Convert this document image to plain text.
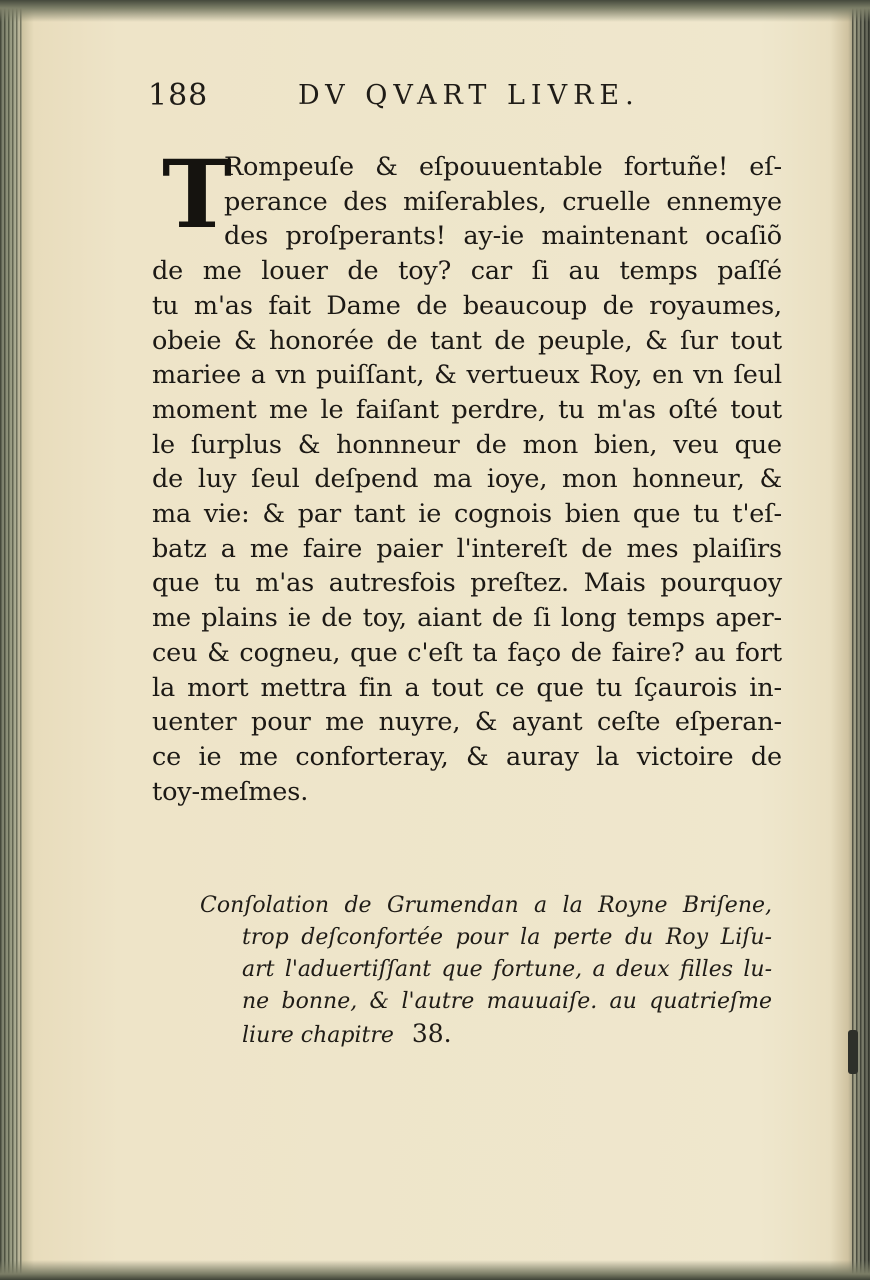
188	DV QVART LIVRE.
T
Rompeuſe & eſpouuentable fortuñe! eſ-
perance des miſerables, cruelle ennemye
des proſperants! ay-ie maintenant ocaſiõ
de me louer de toy? car ſi au temps paſſé
tu m'as fait Dame de beaucoup de royaumes,
obeie & honorée de tant de peuple, & ſur tout
mariee a vn puiſſant, & vertueux Roy, en vn ſeul
moment me le faiſant perdre, tu m'as oſté tout
le ſurplus & honnneur de mon bien, veu que
de luy ſeul deſpend ma ioye, mon honneur, &
ma vie: & par tant ie cognois bien que tu t'eſ-
batz a me faire paier l'intereſt de mes plaiſirs
que tu m'as autresfois preſtez. Mais pourquoy
me plains ie de toy, aiant de ſi long temps aper-
ceu & cogneu, que c'eſt ta faço de faire? au fort
la mort mettra fin a tout ce que tu ſçaurois in-
uenter pour me nuyre, & ayant ceſte eſperan-
ce ie me conforteray, & auray la victoire de
toy-meſmes.
Conſolation de Grumendan a la Royne Briſene,
trop deſconfortée pour la perte du Roy Liſu-
art l'aduertiſſant que fortune, a deux filles lu-
ne bonne, & l'autre mauuaiſe. au quatrieſme
liure chapitre 38.
